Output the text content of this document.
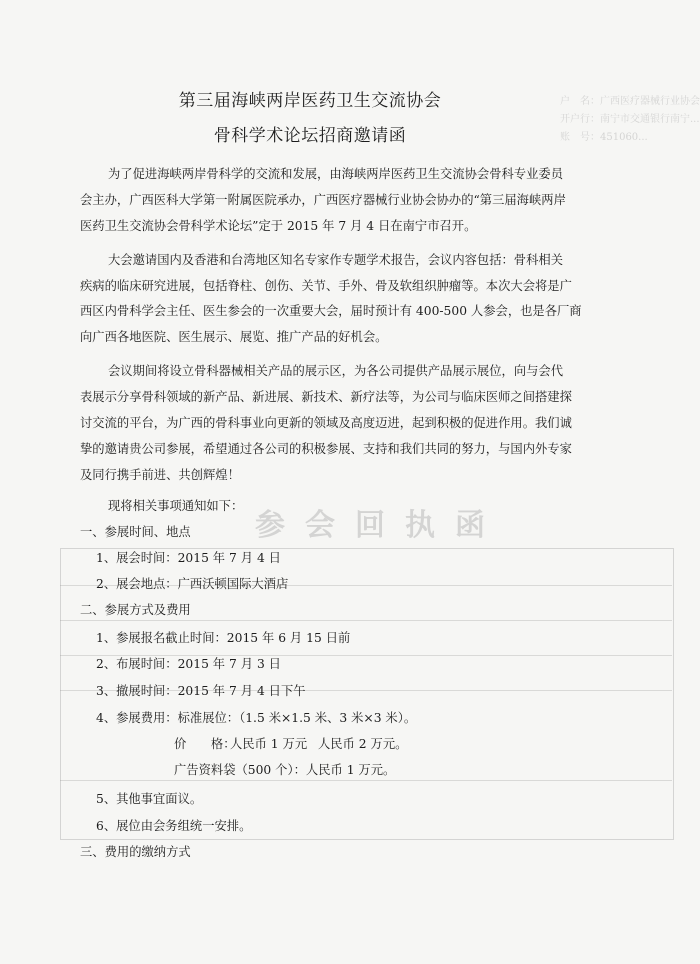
参会回执函
户　名：广西医疗器械行业协会
开户行：南宁市交通银行南宁...
账　号：451060...
第三届海峡两岸医药卫生交流协会
骨科学术论坛招商邀请函
为了促进海峡两岸骨科学的交流和发展，由海峡两岸医药卫生交流协会骨科专业委员
会主办，广西医科大学第一附属医院承办，广西医疗器械行业协会协办的“第三届海峡两岸
医药卫生交流协会骨科学术论坛”定于 2015 年 7 月 4 日在南宁市召开。
大会邀请国内及香港和台湾地区知名专家作专题学术报告，会议内容包括：骨科相关
疾病的临床研究进展，包括脊柱、创伤、关节、手外、骨及软组织肿瘤等。本次大会将是广
西区内骨科学会主任、医生参会的一次重要大会，届时预计有 400-500 人参会，也是各厂商
向广西各地医院、医生展示、展览、推广产品的好机会。
会议期间将设立骨科器械相关产品的展示区，为各公司提供产品展示展位，向与会代
表展示分享骨科领域的新产品、新进展、新技术、新疗法等，为公司与临床医师之间搭建探
讨交流的平台，为广西的骨科事业向更新的领域及高度迈进，起到积极的促进作用。我们诚
挚的邀请贵公司参展，希望通过各公司的积极参展、支持和我们共同的努力，与国内外专家
及同行携手前进、共创辉煌！
现将相关事项通知如下：
一、参展时间、地点
1、展会时间：2015 年 7 月 4 日
2、展会地点：广西沃顿国际大酒店
二、参展方式及费用
1、参展报名截止时间：2015 年 6 月 15 日前
2、布展时间：2015 年 7 月 3 日
3、撤展时间：2015 年 7 月 4 日下午
4、参展费用：标准展位：（1.5 米×1.5 米、3 米×3 米）。
价　　格：
人民币 1 万元 人民币 2 万元。
广告资料袋（500 个）：人民币 1 万元。
5、其他事宜面议。
6、展位由会务组统一安排。
三、费用的缴纳方式
